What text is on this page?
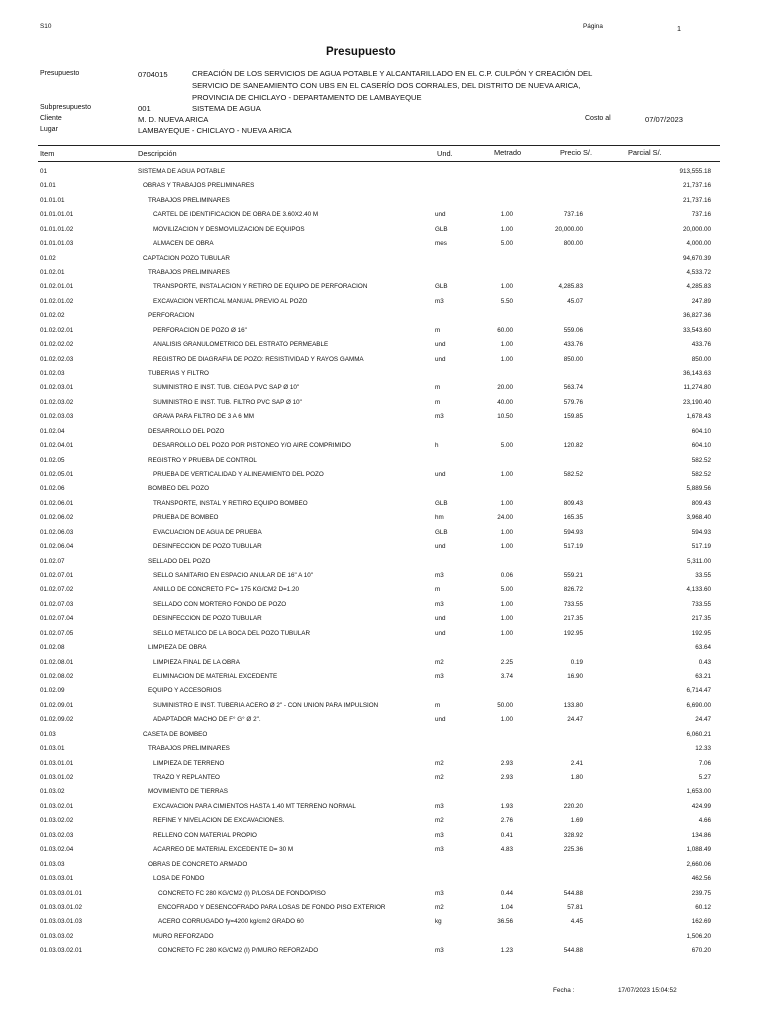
S10	Página	1
Presupuesto
Presupuesto	0704015	CREACIÓN DE LOS SERVICIOS DE AGUA POTABLE Y ALCANTARILLADO EN EL C.P. CULPÓN Y CREACIÓN DEL
SERVICIO DE SANEAMIENTO CON UBS EN EL CASERÍO DOS CORRALES, DEL DISTRITO DE NUEVA ARICA,
PROVINCIA DE CHICLAYO - DEPARTAMENTO DE LAMBAYEQUE
Subpresupuesto	001	SISTEMA DE AGUA
Cliente	M. D. NUEVA ARICA	Costo al	07/07/2023
Lugar	LAMBAYEQUE - CHICLAYO - NUEVA ARICA
Item	Descripción	Und.	Metrado	Precio S/.	Parcial S/.
01	SISTEMA DE AGUA POTABLE	913,555.18
01.01	OBRAS Y TRABAJOS PRELIMINARES	21,737.16
01.01.01	TRABAJOS PRELIMINARES	21,737.16
01.01.01.01	CARTEL DE IDENTIFICACION DE OBRA DE 3.60X2.40 M	und	1.00	737.16	737.16
01.01.01.02	MOVILIZACION Y DESMOVILIZACION DE EQUIPOS	GLB	1.00	20,000.00	20,000.00
01.01.01.03	ALMACEN DE OBRA	mes	5.00	800.00	4,000.00
01.02	CAPTACION POZO TUBULAR	94,670.39
01.02.01	TRABAJOS PRELIMINARES	4,533.72
01.02.01.01	TRANSPORTE, INSTALACION Y RETIRO DE EQUIPO DE PERFORACION	GLB	1.00	4,285.83	4,285.83
01.02.01.02	EXCAVACION VERTICAL MANUAL PREVIO AL POZO	m3	5.50	45.07	247.89
01.02.02	PERFORACION	36,827.36
01.02.02.01	PERFORACION DE POZO Ø 16"	m	60.00	559.06	33,543.60
01.02.02.02	ANALISIS GRANULOMETRICO DEL ESTRATO PERMEABLE	und	1.00	433.76	433.76
01.02.02.03	REGISTRO DE DIAGRAFIA DE POZO: RESISTIVIDAD Y RAYOS GAMMA	und	1.00	850.00	850.00
01.02.03	TUBERIAS Y FILTRO	36,143.63
01.02.03.01	SUMINISTRO E INST. TUB. CIEGA PVC SAP Ø 10"	m	20.00	563.74	11,274.80
01.02.03.02	SUMINISTRO E INST. TUB. FILTRO PVC SAP Ø 10"	m	40.00	579.76	23,190.40
01.02.03.03	GRAVA PARA FILTRO DE 3 A 6 MM	m3	10.50	159.85	1,678.43
01.02.04	DESARROLLO DEL POZO	604.10
01.02.04.01	DESARROLLO DEL POZO POR PISTONEO Y/O AIRE COMPRIMIDO	h	5.00	120.82	604.10
01.02.05	REGISTRO Y PRUEBA DE CONTROL	582.52
01.02.05.01	PRUEBA DE VERTICALIDAD Y ALINEAMIENTO DEL POZO	und	1.00	582.52	582.52
01.02.06	BOMBEO DEL POZO	5,889.56
01.02.06.01	TRANSPORTE, INSTAL Y RETIRO EQUIPO BOMBEO	GLB	1.00	809.43	809.43
01.02.06.02	PRUEBA DE BOMBEO	hm	24.00	165.35	3,968.40
01.02.06.03	EVACUACION DE AGUA DE PRUEBA	GLB	1.00	594.93	594.93
01.02.06.04	DESINFECCION DE POZO TUBULAR	und	1.00	517.19	517.19
01.02.07	SELLADO DEL POZO	5,311.00
01.02.07.01	SELLO SANITARIO EN ESPACIO ANULAR DE 16" A 10"	m3	0.06	559.21	33.55
01.02.07.02	ANILLO DE CONCRETO F'C= 175 KG/CM2 D=1.20	m	5.00	826.72	4,133.60
01.02.07.03	SELLADO CON MORTERO FONDO DE POZO	m3	1.00	733.55	733.55
01.02.07.04	DESINFECCION DE POZO TUBULAR	und	1.00	217.35	217.35
01.02.07.05	SELLO METALICO DE LA BOCA DEL POZO TUBULAR	und	1.00	192.95	192.95
01.02.08	LIMPIEZA DE OBRA	63.64
01.02.08.01	LIMPIEZA FINAL DE LA OBRA	m2	2.25	0.19	0.43
01.02.08.02	ELIMINACION DE MATERIAL EXCEDENTE	m3	3.74	16.90	63.21
01.02.09	EQUIPO Y ACCESORIOS	6,714.47
01.02.09.01	SUMINISTRO E INST. TUBERIA ACERO Ø 2" - CON UNION PARA IMPULSION	m	50.00	133.80	6,690.00
01.02.09.02	ADAPTADOR MACHO DE F° G° Ø 2".	und	1.00	24.47	24.47
01.03	CASETA DE BOMBEO	6,060.21
01.03.01	TRABAJOS PRELIMINARES	12.33
01.03.01.01	LIMPIEZA DE TERRENO	m2	2.93	2.41	7.06
01.03.01.02	TRAZO Y REPLANTEO	m2	2.93	1.80	5.27
01.03.02	MOVIMIENTO DE TIERRAS	1,653.00
01.03.02.01	EXCAVACION PARA CIMIENTOS HASTA 1.40 MT TERRENO NORMAL	m3	1.93	220.20	424.99
01.03.02.02	REFINE Y NIVELACION DE EXCAVACIONES.	m2	2.76	1.69	4.66
01.03.02.03	RELLENO CON MATERIAL PROPIO	m3	0.41	328.92	134.86
01.03.02.04	ACARREO DE MATERIAL EXCEDENTE D= 30 M	m3	4.83	225.36	1,088.49
01.03.03	OBRAS DE CONCRETO ARMADO	2,660.06
01.03.03.01	LOSA DE FONDO	462.56
01.03.03.01.01	CONCRETO FC 280 KG/CM2 (I) P/LOSA DE FONDO/PISO	m3	0.44	544.88	239.75
01.03.03.01.02	ENCOFRADO Y DESENCOFRADO PARA LOSAS DE FONDO PISO EXTERIOR	m2	1.04	57.81	60.12
01.03.03.01.03	ACERO CORRUGADO fy=4200 kg/cm2 GRADO 60	kg	36.56	4.45	162.69
01.03.03.02	MURO REFORZADO	1,506.20
01.03.03.02.01	CONCRETO FC 280 KG/CM2 (I) P/MURO REFORZADO	m3	1.23	544.88	670.20
Fecha :	17/07/2023 15:04:52
